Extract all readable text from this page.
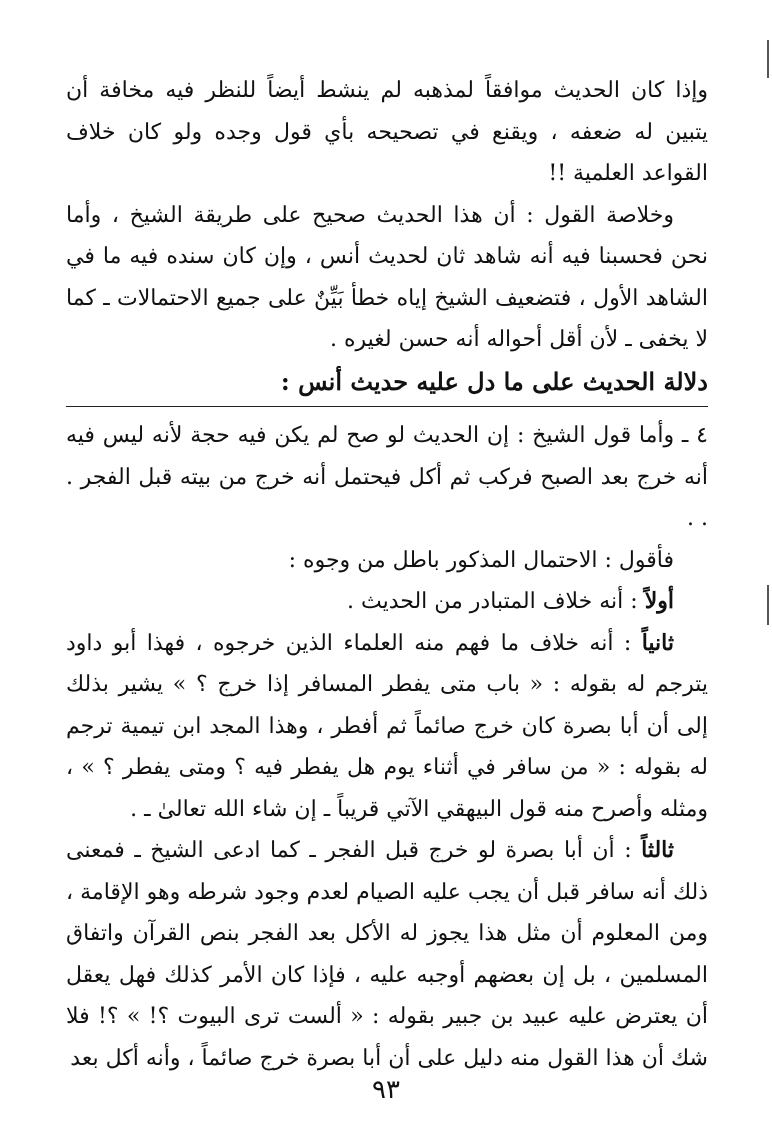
وإذا كان الحديث موافقاً لمذهبه لم ينشط أيضاً للنظر فيه مخافة أن يتبين له ضعفه ، ويقنع في تصحيحه بأي قول وجده ولو كان خلاف القواعد العلمية !!

وخلاصة القول : أن هذا الحديث صحيح على طريقة الشيخ ، وأما نحن فحسبنا فيه أنه شاهد ثان لحديث أنس ، وإن كان سنده فيه ما في الشاهد الأول ، فتضعيف الشيخ إياه خطأ بَيِّنٌ على جميع الاحتمالات ـ كما لا يخفى ـ لأن أقل أحواله أنه حسن لغيره .

دلالة الحديث على ما دل عليه حديث أنس :

٤ ـ وأما قول الشيخ : إن الحديث لو صح لم يكن فيه حجة لأنه ليس فيه أنه خرج بعد الصبح فركب ثم أكل فيحتمل أنه خرج من بيته قبل الفجر . . .

فأقول : الاحتمال المذكور باطل من وجوه :

أولاً : أنه خلاف المتبادر من الحديث .

ثانياً : أنه خلاف ما فهم منه العلماء الذين خرجوه ، فهذا أبو داود يترجم له بقوله : « باب متى يفطر المسافر إذا خرج ؟ » يشير بذلك إلى أن أبا بصرة كان خرج صائماً ثم أفطر ، وهذا المجد ابن تيمية ترجم له بقوله : « من سافر في أثناء يوم هل يفطر فيه ؟ ومتى يفطر ؟ » ، ومثله وأصرح منه قول البيهقي الآتي قريباً ـ إن شاء الله تعالىٰ ـ .

ثالثاً : أن أبا بصرة لو خرج قبل الفجر ـ كما ادعى الشيخ ـ فمعنى ذلك أنه سافر قبل أن يجب عليه الصيام لعدم وجود شرطه وهو الإقامة ، ومن المعلوم أن مثل هذا يجوز له الأكل بعد الفجر بنص القرآن واتفاق المسلمين ، بل إن بعضهم أوجبه عليه ، فإذا كان الأمر كذلك فهل يعقل أن يعترض عليه عبيد بن جبير بقوله : « ألست ترى البيوت ؟! » ؟! فلا شك أن هذا القول منه دليل على أن أبا بصرة خرج صائماً ، وأنه أكل بعد

٩٣
